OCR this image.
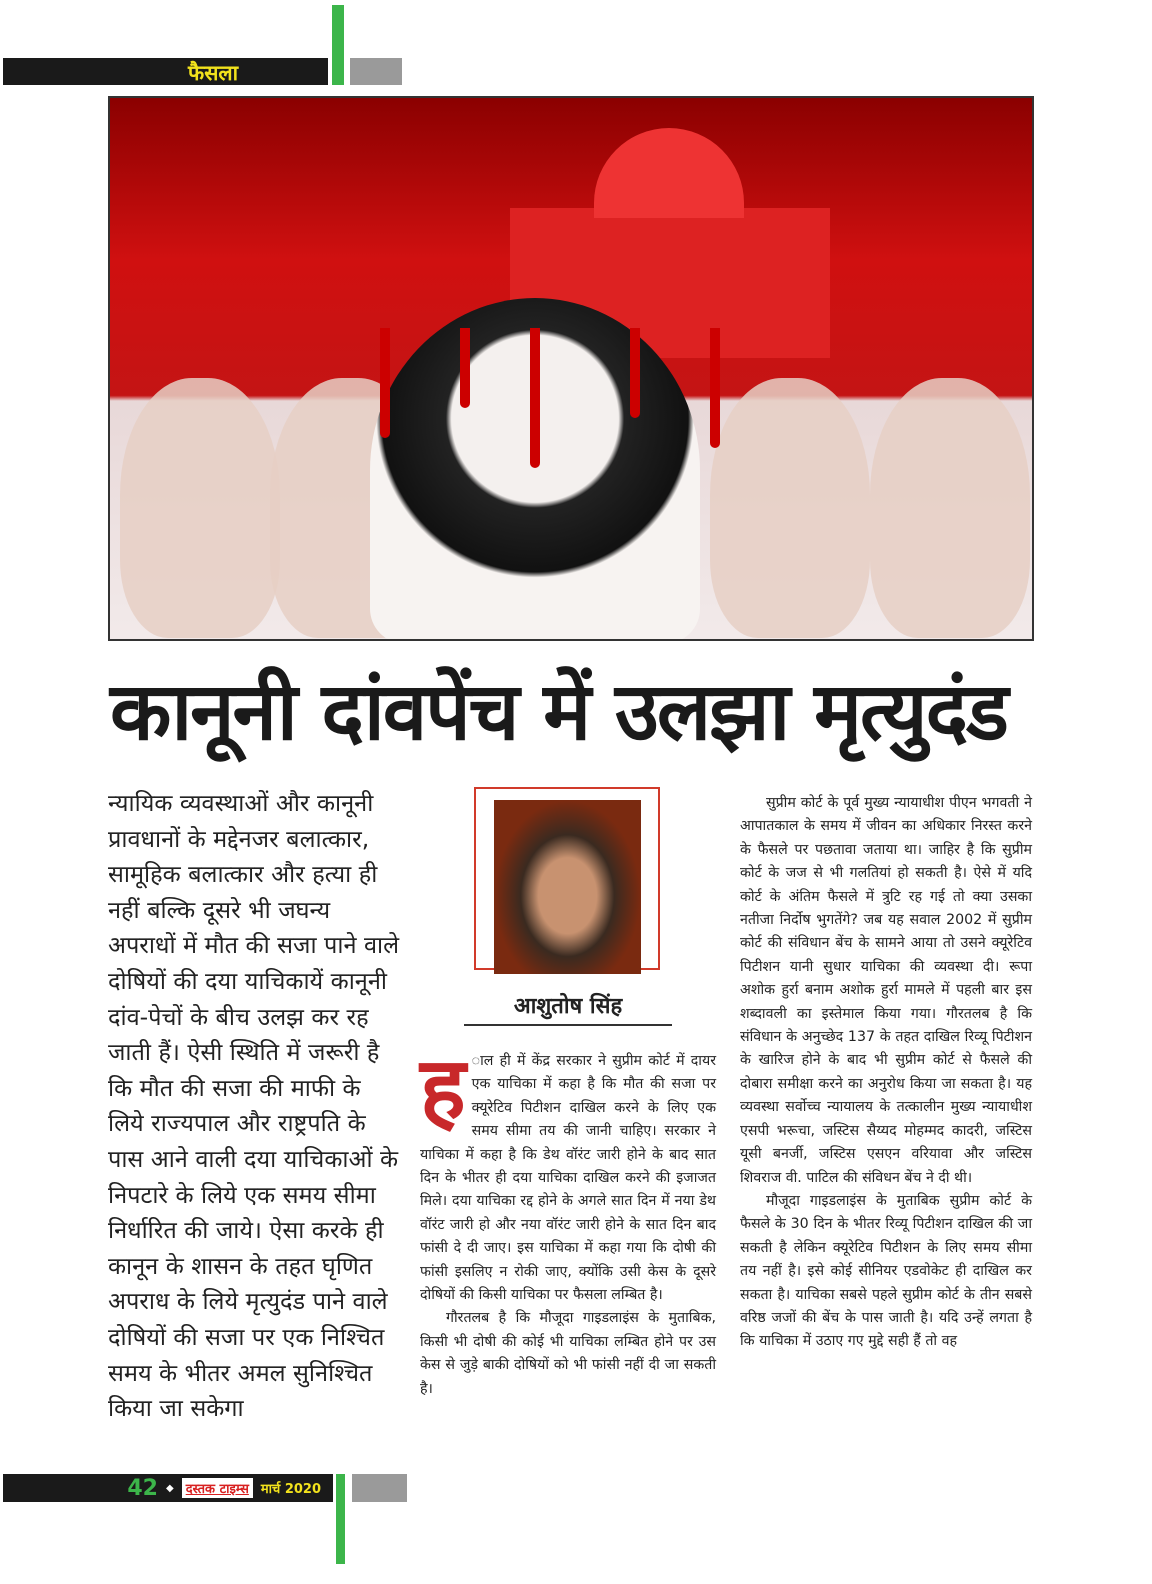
फैसला
कानूनी दांवपेंच में उलझा मृत्युदंड
न्यायिक व्यवस्थाओं और कानूनी प्रावधानों के मद्देनजर बलात्कार, सामूहिक बलात्कार और हत्या ही नहीं बल्कि दूसरे भी जघन्य अपराधों में मौत की सजा पाने वाले दोषियों की दया याचिकायें कानूनी दांव-पेचों के बीच उलझ कर रह जाती हैं। ऐसी स्थिति में जरूरी है कि मौत की सजा की माफी के लिये राज्यपाल और राष्ट्रपति के पास आने वाली दया याचिकाओं के निपटारे के लिये एक समय सीमा निर्धारित की जाये। ऐसा करके ही कानून के शासन के तहत घृणित अपराध के लिये मृत्युदंड पाने वाले दोषियों की सजा पर एक निश्चित समय के भीतर अमल सुनिश्चित किया जा सकेगा
आशुतोष सिंह
ह ाल ही में केंद्र सरकार ने सुप्रीम कोर्ट में दायर एक याचिका में कहा है कि मौत की सजा पर क्यूरेटिव पिटीशन दाखिल करने के लिए एक समय सीमा तय की जानी चाहिए। सरकार ने याचिका में कहा है कि डेथ वॉरंट जारी होने के बाद सात दिन के भीतर ही दया याचिका दाखिल करने की इजाजत मिले। दया याचिका रद्द होने के अगले सात दिन में नया डेथ वॉरंट जारी हो और नया वॉरंट जारी होने के सात दिन बाद फांसी दे दी जाए। इस याचिका में कहा गया कि दोषी की फांसी इसलिए न रोकी जाए, क्योंकि उसी केस के दूसरे दोषियों की किसी याचिका पर फैसला लम्बित है।

गौरतलब है कि मौजूदा गाइडलाइंस के मुताबिक, किसी भी दोषी की कोई भी याचिका लम्बित होने पर उस केस से जुड़े बाकी दोषियों को भी फांसी नहीं दी जा सकती है।

सुप्रीम कोर्ट के पूर्व मुख्य न्यायाधीश पीएन भगवती ने आपातकाल के समय में जीवन का अधिकार निरस्त करने के फैसले पर पछतावा जताया था। जाहिर है कि सुप्रीम कोर्ट के जज से भी गलतियां हो सकती है। ऐसे में यदि कोर्ट के अंतिम फैसले में त्रुटि रह गई तो क्या उसका नतीजा निर्दोष भुगतेंगे? जब यह सवाल 2002 में सुप्रीम कोर्ट की संविधान बेंच के सामने आया तो उसने क्यूरेटिव पिटीशन यानी सुधार याचिका की व्यवस्था दी। रूपा अशोक हुर्रा बनाम अशोक हुर्रा मामले में पहली बार इस शब्दावली का इस्तेमाल किया गया। गौरतलब है कि संविधान के अनुच्छेद 137 के तहत दाखिल रिव्यू पिटीशन के खारिज होने के बाद भी सुप्रीम कोर्ट से फैसले की दोबारा समीक्षा करने का अनुरोध किया जा सकता है। यह व्यवस्था सर्वोच्च न्यायालय के तत्कालीन मुख्य न्यायाधीश एसपी भरूचा, जस्टिस सैय्यद मोहम्मद कादरी, जस्टिस यूसी बनर्जी, जस्टिस एसएन वरियावा और जस्टिस शिवराज वी. पाटिल की संविधन बेंच ने दी थी।

मौजूदा गाइडलाइंस के मुताबिक सुप्रीम कोर्ट के फैसले के 30 दिन के भीतर रिव्यू पिटीशन दाखिल की जा सकती है लेकिन क्यूरेटिव पिटीशन के लिए समय सीमा तय नहीं है। इसे कोई सीनियर एडवोकेट ही दाखिल कर सकता है। याचिका सबसे पहले सुप्रीम कोर्ट के तीन सबसे वरिष्ठ जजों की बेंच के पास जाती है। यदि उन्हें लगता है कि याचिका में उठाए गए मुद्दे सही हैं तो वह

42 ◆ दस्तक टाइम्स मार्च 2020
